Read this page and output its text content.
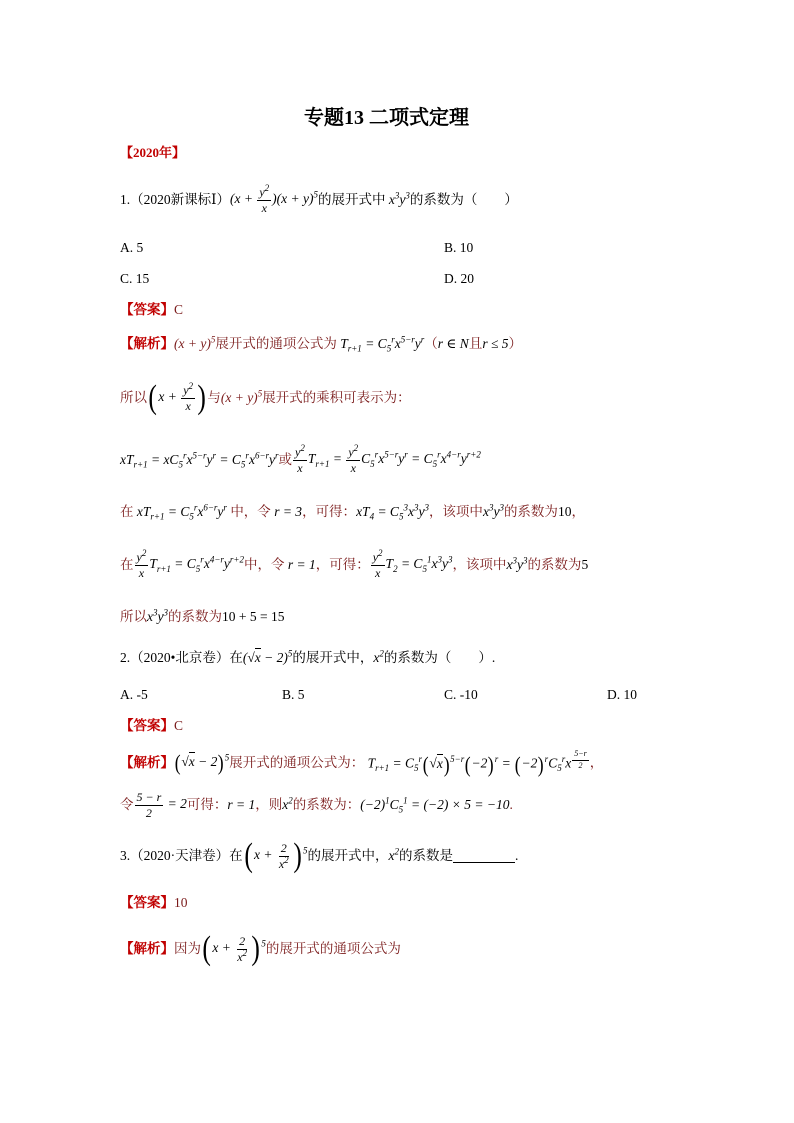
专题13 二项式定理
【2020年】
1.（2020新课标Ⅰ） $(x + \frac{y^2}{x} )(x + y)^5$ 的展开式中 $x^3y^3$ 的系数为（　　）
A. 5	B. 10
C. 15	D. 20
【答案】C
【解析】 $(x + y)^5$ 展开式的通项公式为 $T_{r+1} = C_5^rx^{5-r}y^r$ （ r ∈ N 且 r ≤ 5 ）
所以 ($x + \frac{y^2}{x}$ ) 与 $(x + y)^5$ 展开式的乘积可表示为：
$xT_{r+1} = xC_5^rx^{5-r}y^r = C_5^rx^{6-r}y^r$ 或 $\frac{y^2}{x} T_{r+1} = \frac{y^2}{x} C_5^rx^{5-r}y^r = C_5^rx^{4-r}y^{r+2}$
在 $xT_{r+1} = C_5^rx^{6-r}y^r$ 中，令 r = 3 ，可得： $xT_4 = C_5^3x^3y^3$ ，该项中 $x^3y^3$ 的系数为 10 ，
在 $\frac{y^2}{x} T_{r+1} = C_5^rx^{4-r}y^{r+2}$ 中，令 r = 1 ，可得： $\frac{y^2}{x} T_2 = C_5^1x^3y^3$ ，该项中 $x^3y^3$ 的系数为 5
所以 $x^3y^3$ 的系数为 10 + 5 = 15
2.（2020•北京卷）在 $(√x - 2)^5$ 的展开式中， $x^2$ 的系数为（　　）.
A. -5	B. 5	C. -10	D. 10
【答案】C
【解析】 $(√x - 2)^5$ 展开式的通项公式为： $T_{r+1} = C_5^r(√x)^{5-r}(-2)^r = (-2)^rC_5^rx$ $^{\frac{5-r}{2}}$ ，
令 $\frac{5 - r}{2} = 2$ 可得： r = 1 ，则 $x^2$ 的系数为： $(-2)^1C_5^1 = (-2) \times 5 = -10$ .
3.（2020·天津卷）在 $(x + \frac{2}{x^2} )^5$ 的展开式中， $x^2$ 的系数是	.
【答案】10
【解析】 因为 $(x + \frac{2}{x^2} )^5$ 的展开式的通项公式为
